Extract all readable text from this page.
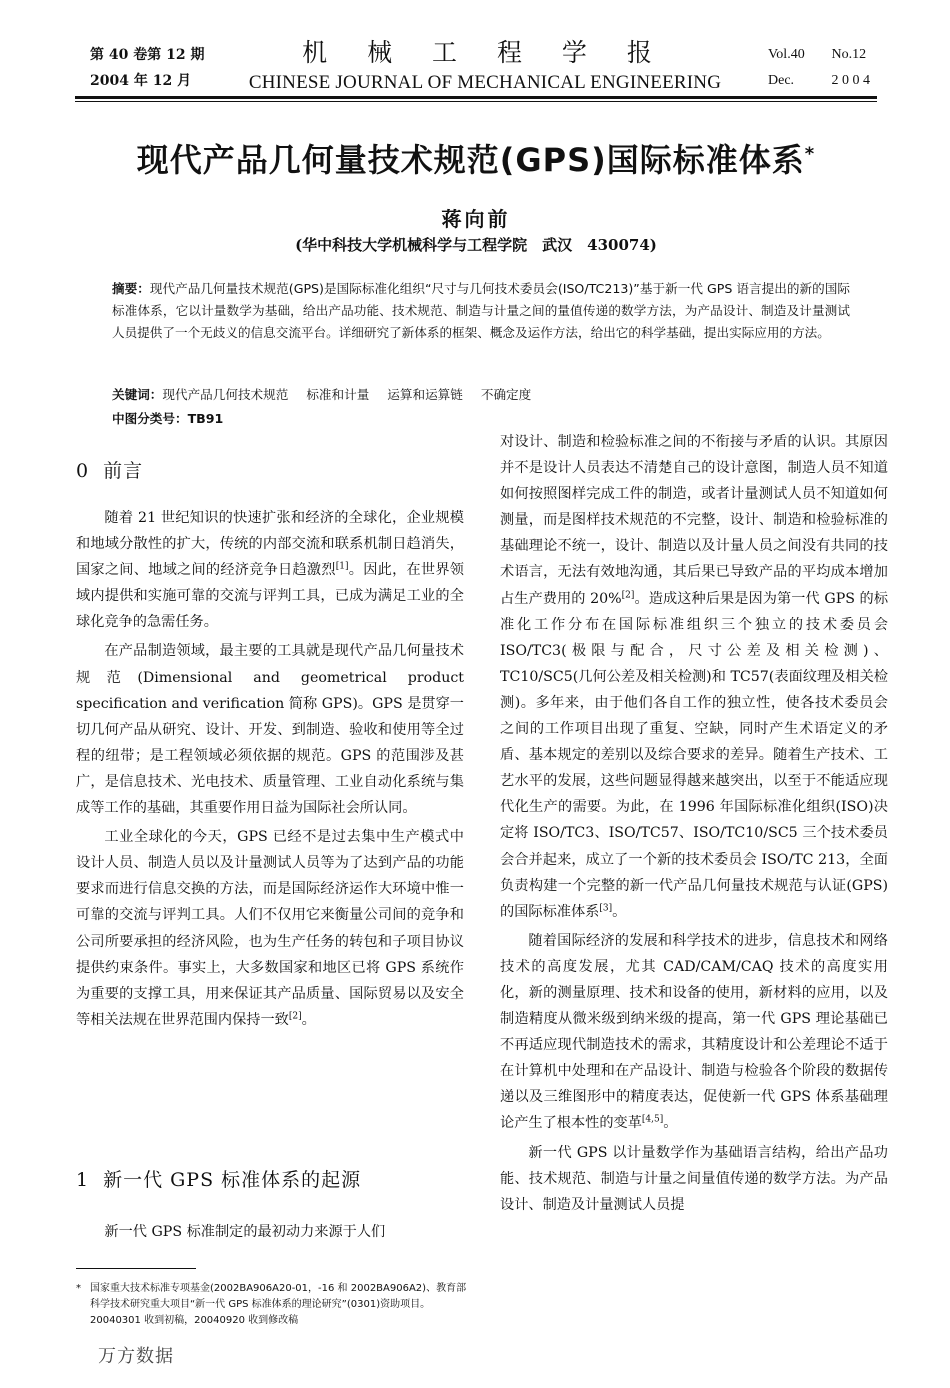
第 40 卷第 12 期
2004 年 12 月
机 械 工 程 学 报
CHINESE JOURNAL OF MECHANICAL ENGINEERING
Vol.40 No.12
Dec.	2 0 0 4
现代产品几何量技术规范(GPS)国际标准体系*
蒋向前
(华中科技大学机械科学与工程学院　武汉　430074)
摘要：现代产品几何量技术规范(GPS)是国际标准化组织“尺寸与几何技术委员会(ISO/TC213)”基于新一代 GPS 语言提出的新的国际标准体系，它以计量数学为基础，给出产品功能、技术规范、制造与计量之间的量值传递的数学方法，为产品设计、制造及计量测试人员提供了一个无歧义的信息交流平台。详细研究了新体系的框架、概念及运作方法，给出它的科学基础，提出实际应用的方法。
关键词：现代产品几何技术规范 标准和计量 运算和运算链 不确定度
中图分类号：TB91
0 前言

随着 21 世纪知识的快速扩张和经济的全球化，企业规模和地域分散性的扩大，传统的内部交流和联系机制日趋消失，国家之间、地域之间的经济竞争日趋激烈[1]。因此，在世界领域内提供和实施可靠的交流与评判工具，已成为满足工业的全球化竞争的急需任务。

在产品制造领域，最主要的工具就是现代产品几何量技术规范(Dimensional and geometrical product specification and verification 简称 GPS)。GPS 是贯穿一切几何产品从研究、设计、开发、到制造、验收和使用等全过程的纽带；是工程领域必须依据的规范。GPS 的范围涉及甚广，是信息技术、光电技术、质量管理、工业自动化系统与集成等工作的基础，其重要作用日益为国际社会所认同。

工业全球化的今天，GPS 已经不是过去集中生产模式中设计人员、制造人员以及计量测试人员等为了达到产品的功能要求而进行信息交换的方法，而是国际经济运作大环境中惟一可靠的交流与评判工具。人们不仅用它来衡量公司间的竞争和公司所要承担的经济风险，也为生产任务的转包和子项目协议提供约束条件。事实上，大多数国家和地区已将 GPS 系统作为重要的支撑工具，用来保证其产品质量、国际贸易以及安全等相关法规在世界范围内保持一致[2]。

1 新一代 GPS 标准体系的起源

新一代 GPS 标准制定的最初动力来源于人们

对设计、制造和检验标准之间的不衔接与矛盾的认识。其原因并不是设计人员表达不清楚自己的设计意图，制造人员不知道如何按照图样完成工件的制造，或者计量测试人员不知道如何测量，而是图样技术规范的不完整，设计、制造和检验标准的基础理论不统一，设计、制造以及计量人员之间没有共同的技术语言，无法有效地沟通，其后果已导致产品的平均成本增加占生产费用的 20%[2]。造成这种后果是因为第一代 GPS 的标准化工作分布在国际标准组织三个独立的技术委员会 ISO/TC3(极限与配合，尺寸公差及相关检测)、TC10/SC5(几何公差及相关检测)和 TC57(表面纹理及相关检测)。多年来，由于他们各自工作的独立性，使各技术委员会之间的工作项目出现了重复、空缺，同时产生术语定义的矛盾、基本规定的差别以及综合要求的差异。随着生产技术、工艺水平的发展，这些问题显得越来越突出，以至于不能适应现代化生产的需要。为此，在 1996 年国际标准化组织(ISO)决定将 ISO/TC3、ISO/TC57、ISO/TC10/SC5 三个技术委员会合并起来，成立了一个新的技术委员会 ISO/TC 213，全面负责构建一个完整的新一代产品几何量技术规范与认证(GPS)的国际标准体系[3]。

随着国际经济的发展和科学技术的进步，信息技术和网络技术的高度发展，尤其 CAD/CAM/CAQ 技术的高度实用化，新的测量原理、技术和设备的使用，新材料的应用，以及制造精度从微米级到纳米级的提高，第一代 GPS 理论基础已不再适应现代制造技术的需求，其精度设计和公差理论不适于在计算机中处理和在产品设计、制造与检验各个阶段的数据传递以及三维图形中的精度表达，促使新一代 GPS 体系基础理论产生了根本性的变革[4,5]。

新一代 GPS 以计量数学作为基础语言结构，给出产品功能、技术规范、制造与计量之间量值传递的数学方法。为产品设计、制造及计量测试人员提

* 国家重大技术标准专项基金(2002BA906A20-01，-16 和 2002BA906A2)、教育部科学技术研究重大项目“新一代 GPS 标准体系的理论研究”(0301)资助项目。20040301 收到初稿，20040920 收到修改稿
万方数据
